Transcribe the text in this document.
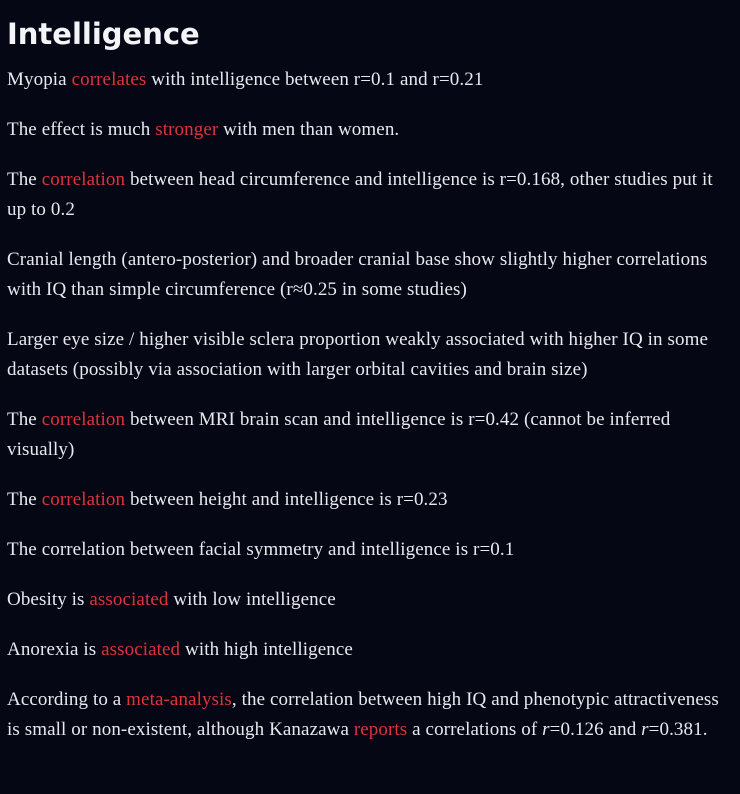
Intelligence

Myopia correlates with intelligence between r=0.1 and r=0.21

The effect is much stronger with men than women.

The correlation between head circumference and intelligence is r=0.168, other studies put it up to 0.2

Cranial length (antero-posterior) and broader cranial base show slightly higher correlations with IQ than simple circumference (r≈0.25 in some studies)

Larger eye size / higher visible sclera proportion weakly associated with higher IQ in some datasets (possibly via association with larger orbital cavities and brain size)

The correlation between MRI brain scan and intelligence is r=0.42 (cannot be inferred visually)

The correlation between height and intelligence is r=0.23

The correlation between facial symmetry and intelligence is r=0.1

Obesity is associated with low intelligence

Anorexia is associated with high intelligence

According to a meta-analysis, the correlation between high IQ and phenotypic attractiveness is small or non-existent, although Kanazawa reports a correlations of r=0.126 and r=0.381.
